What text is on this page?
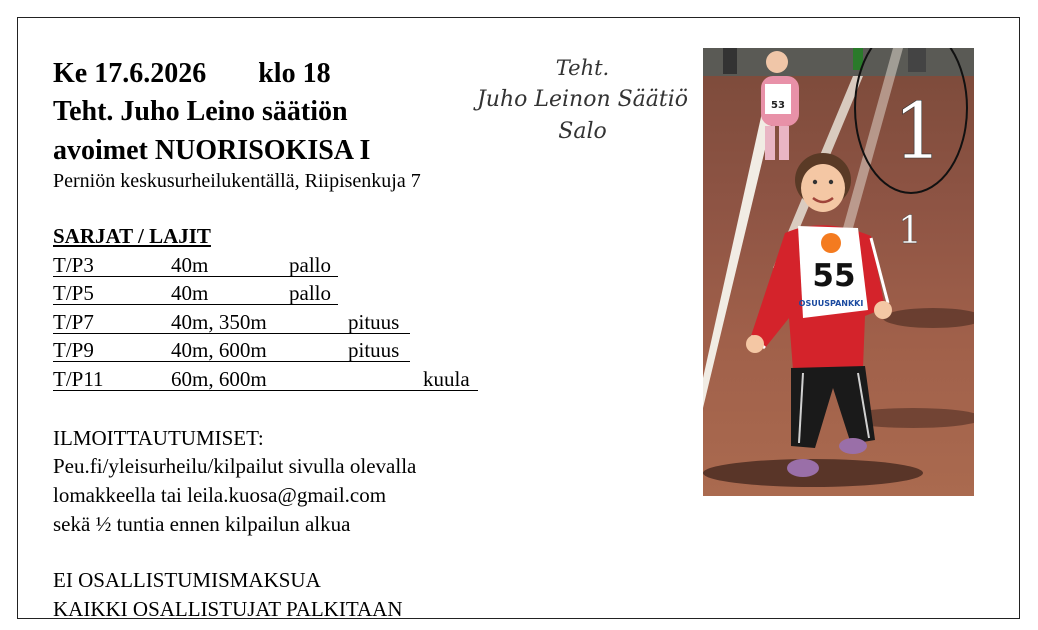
Ke 17.6.2026 klo 18
Teht. Juho Leino säätiön
avoimet NUORISOKISA I
Perniön keskusurheilukentällä, Riipisenkuja 7
Teht.
Juho Leinon Säätiö
Salo
SARJAT / LAJIT
T/P3	40m	pallo
T/P5	40m	pallo
T/P7	40m, 350m	pituus
T/P9	40m, 600m	pituus
T/P11	60m, 600m	kuula
ILMOITTAUTUMISET:
Peu.fi/yleisurheilu/kilpailut sivulla olevalla
lomakkeella tai leila.kuosa@gmail.com
sekä ½ tuntia ennen kilpailun alkua
EI OSALLISTUMISMAKSUA
KAIKKI OSALLISTUJAT PALKITAAN
53
55
OSUUSPANKKI
1
1
